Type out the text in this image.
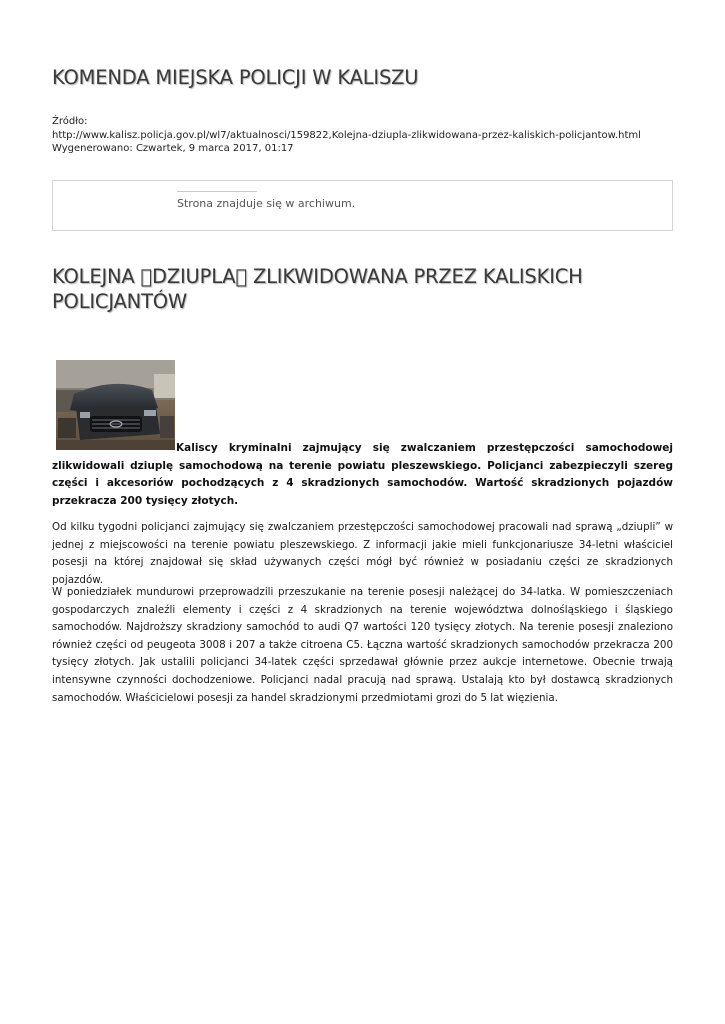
KOMENDA MIEJSKA POLICJI W KALISZU
Źródło:
http://www.kalisz.policja.gov.pl/wl7/aktualnosci/159822,Kolejna-dziupla-zlikwidowana-przez-kaliskich-policjantow.html
Wygenerowano: Czwartek, 9 marca 2017, 01:17
Strona znajduje się w archiwum.
KOLEJNA  DZIUPLA  ZLIKWIDOWANA PRZEZ KALISKICH POLICJANTÓW
Kaliscy kryminalni zajmujący się zwalczaniem przestępczości samochodowej zlikwidowali dziuplę samochodową na terenie powiatu pleszewskiego. Policjanci zabezpieczyli szereg części i akcesoriów pochodzących z 4 skradzionych samochodów. Wartość skradzionych pojazdów przekracza 200 tysięcy złotych.

Od kilku tygodni policjanci zajmujący się zwalczaniem przestępczości samochodowej pracowali nad sprawą „dziupli” w jednej z miejscowości na terenie powiatu pleszewskiego. Z informacji jakie mieli funkcjonariusze 34-letni właściciel posesji na której znajdował się skład używanych części mógł być również w posiadaniu części ze skradzionych pojazdów.

W poniedziałek mundurowi przeprowadzili przeszukanie na terenie posesji należącej do 34-latka. W pomieszczeniach gospodarczych znaleźli elementy i części z 4 skradzionych na terenie województwa dolnośląskiego i śląskiego samochodów. Najdroższy skradziony samochód to audi Q7 wartości 120 tysięcy złotych. Na terenie posesji znaleziono również części od peugeota 3008 i 207 a także citroena C5. Łączna wartość skradzionych samochodów przekracza 200 tysięcy złotych. Jak ustalili policjanci 34-latek części sprzedawał głównie przez aukcje internetowe. Obecnie trwają intensywne czynności dochodzeniowe. Policjanci nadal pracują nad sprawą. Ustalają kto był dostawcą skradzionych samochodów. Właścicielowi posesji za handel skradzionymi przedmiotami grozi do 5 lat więzienia.
